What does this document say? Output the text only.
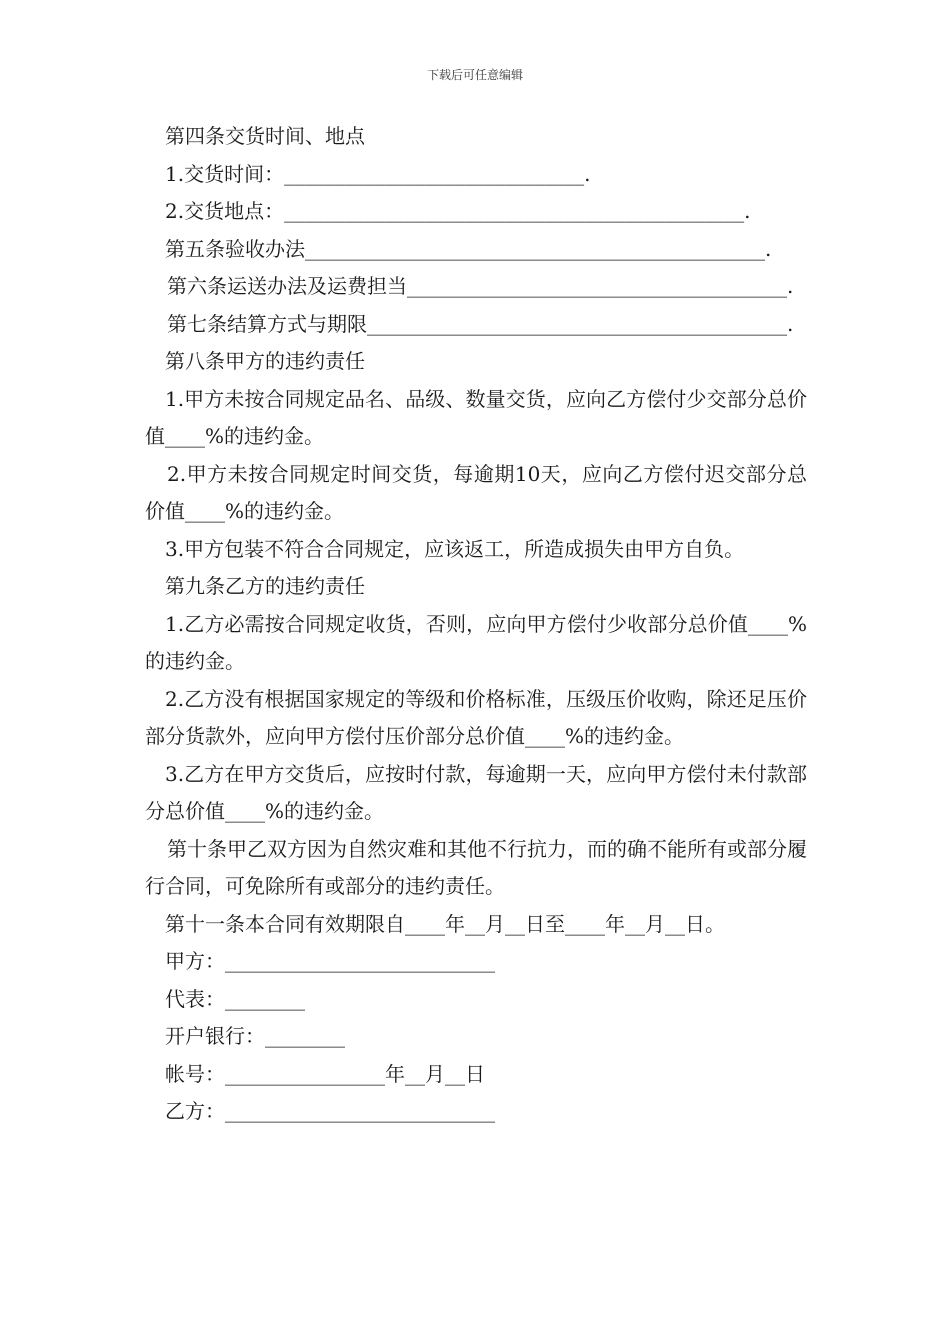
下载后可任意编辑

第四条交货时间、地点

1.交货时间：______________________________.

2.交货地点：______________________________________________.

第五条验收办法______________________________________________.

第六条运送办法及运费担当______________________________________.

第七条结算方式与期限__________________________________________.

第八条甲方的违约责任

1.甲方未按合同规定品名、品级、数量交货，应向乙方偿付少交部分总价值____%的违约金。

2.甲方未按合同规定时间交货，每逾期10天，应向乙方偿付迟交部分总价值____%的违约金。

3.甲方包装不符合合同规定，应该返工，所造成损失由甲方自负。

第九条乙方的违约责任

1.乙方必需按合同规定收货，否则，应向甲方偿付少收部分总价值____%的违约金。

2.乙方没有根据国家规定的等级和价格标准，压级压价收购，除还足压价部分货款外，应向甲方偿付压价部分总价值____%的违约金。

3.乙方在甲方交货后，应按时付款，每逾期一天，应向甲方偿付未付款部分总价值____%的违约金。

第十条甲乙双方因为自然灾难和其他不行抗力，而的确不能所有或部分履行合同，可免除所有或部分的违约责任。

第十一条本合同有效期限自____年__月__日至____年__月__日。

甲方：___________________________

代表：________

开户银行：________

帐号：________________年__月__日

乙方：___________________________
